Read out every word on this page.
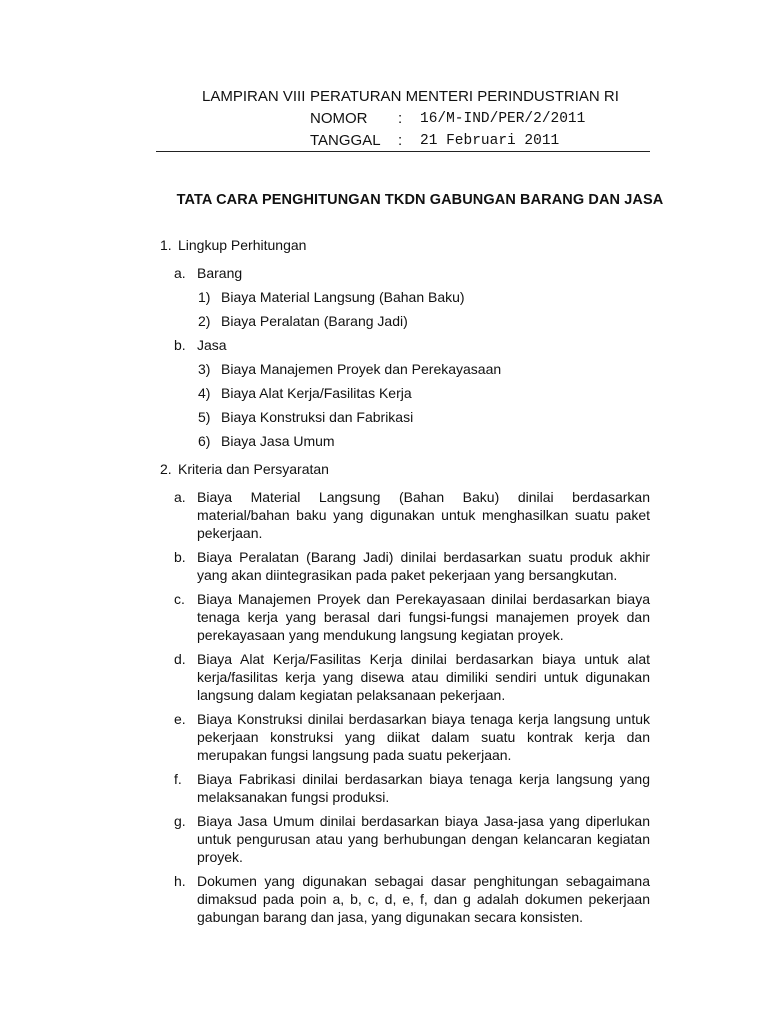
LAMPIRAN VIII PERATURAN MENTERI PERINDUSTRIAN RI
NOMOR	:	16/M-IND/PER/2/2011
TANGGAL	:	21 Februari 2011
TATA CARA PENGHITUNGAN TKDN GABUNGAN BARANG DAN JASA
1. Lingkup Perhitungan
a. Barang
1) Biaya Material Langsung (Bahan Baku)
2) Biaya Peralatan (Barang Jadi)
b. Jasa
3) Biaya Manajemen Proyek dan Perekayasaan
4) Biaya Alat Kerja/Fasilitas Kerja
5) Biaya Konstruksi dan Fabrikasi
6) Biaya Jasa Umum
2. Kriteria dan Persyaratan
a. Biaya Material Langsung (Bahan Baku) dinilai berdasarkan material/bahan baku yang digunakan untuk menghasilkan suatu paket pekerjaan.
b. Biaya Peralatan (Barang Jadi) dinilai berdasarkan suatu produk akhir yang akan diintegrasikan pada paket pekerjaan yang bersangkutan.
c. Biaya Manajemen Proyek dan Perekayasaan dinilai berdasarkan biaya tenaga kerja yang berasal dari fungsi-fungsi manajemen proyek dan perekayasaan yang mendukung langsung kegiatan proyek.
d. Biaya Alat Kerja/Fasilitas Kerja dinilai berdasarkan biaya untuk alat kerja/fasilitas kerja yang disewa atau dimiliki sendiri untuk digunakan langsung dalam kegiatan pelaksanaan pekerjaan.
e. Biaya Konstruksi dinilai berdasarkan biaya tenaga kerja langsung untuk pekerjaan konstruksi yang diikat dalam suatu kontrak kerja dan merupakan fungsi langsung pada suatu pekerjaan.
f.	Biaya Fabrikasi dinilai berdasarkan biaya tenaga kerja langsung yang melaksanakan fungsi produksi.
g. Biaya Jasa Umum dinilai berdasarkan biaya Jasa-jasa yang diperlukan untuk pengurusan atau yang berhubungan dengan kelancaran kegiatan proyek.
h. Dokumen yang digunakan sebagai dasar penghitungan sebagaimana dimaksud pada poin a, b, c, d, e, f, dan g adalah dokumen pekerjaan gabungan barang dan jasa, yang digunakan secara konsisten.
